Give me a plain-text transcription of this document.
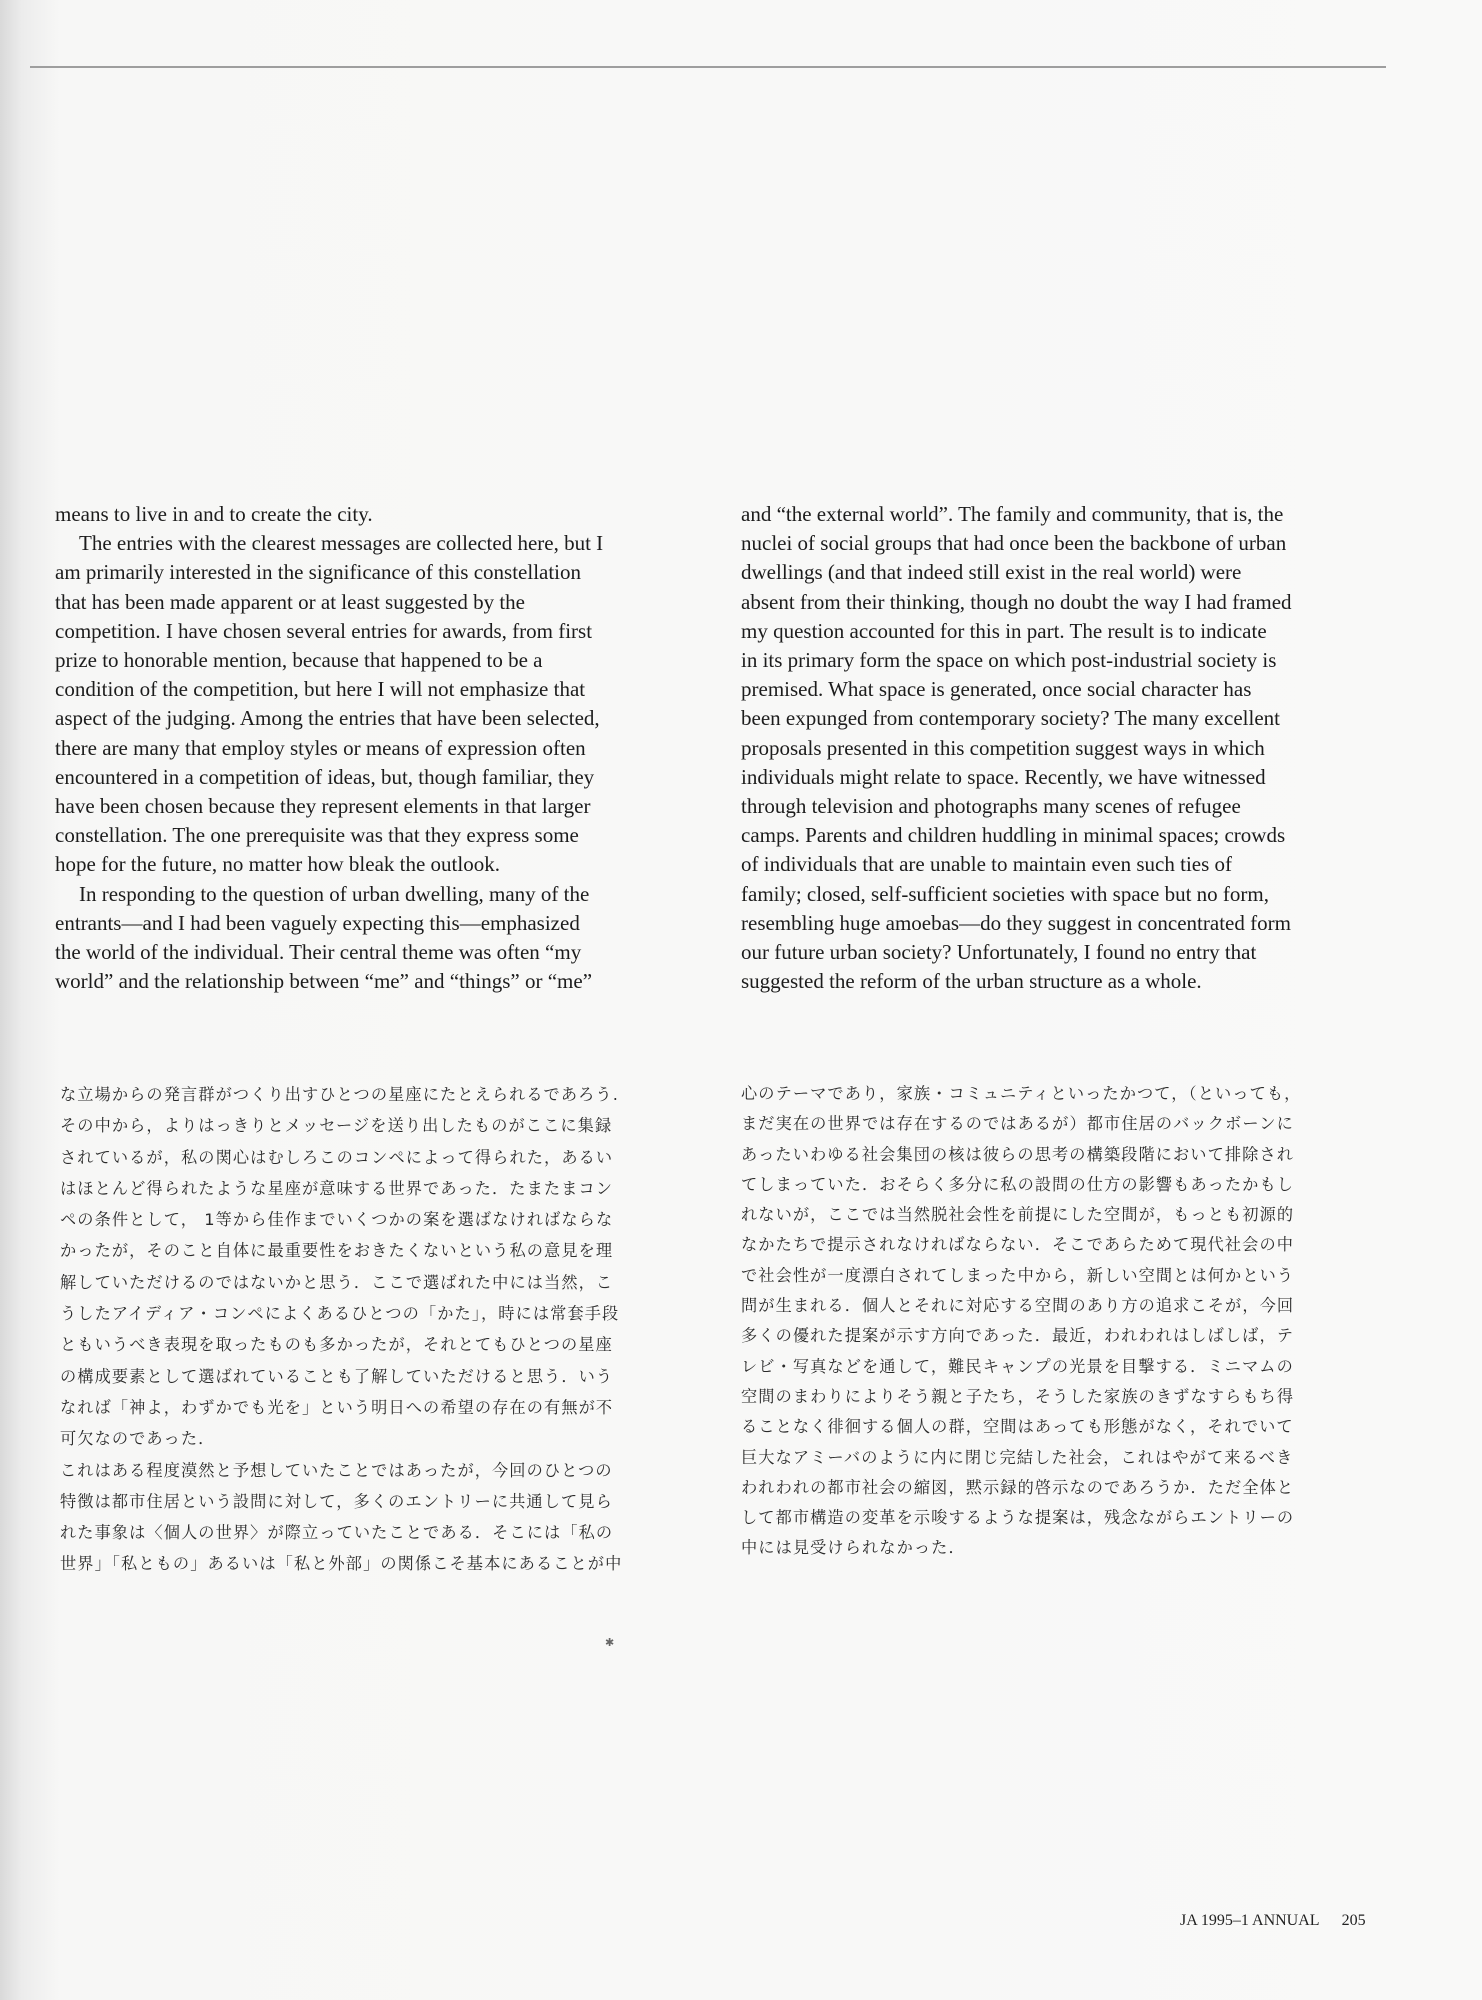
means to live in and to create the city.

The entries with the clearest messages are collected here, but I
am primarily interested in the significance of this constellation
that has been made apparent or at least suggested by the
competition. I have chosen several entries for awards, from first
prize to honorable mention, because that happened to be a
condition of the competition, but here I will not emphasize that
aspect of the judging. Among the entries that have been selected,
there are many that employ styles or means of expression often
encountered in a competition of ideas, but, though familiar, they
have been chosen because they represent elements in that larger
constellation. The one prerequisite was that they express some
hope for the future, no matter how bleak the outlook.

In responding to the question of urban dwelling, many of the
entrants—and I had been vaguely expecting this—emphasized
the world of the individual. Their central theme was often “my
world” and the relationship between “me” and “things” or “me”

and “the external world”. The family and community, that is, the
nuclei of social groups that had once been the backbone of urban
dwellings (and that indeed still exist in the real world) were
absent from their thinking, though no doubt the way I had framed
my question accounted for this in part. The result is to indicate
in its primary form the space on which post-industrial society is
premised. What space is generated, once social character has
been expunged from contemporary society? The many excellent
proposals presented in this competition suggest ways in which
individuals might relate to space. Recently, we have witnessed
through television and photographs many scenes of refugee
camps. Parents and children huddling in minimal spaces; crowds
of individuals that are unable to maintain even such ties of
family; closed, self-sufficient societies with space but no form,
resembling huge amoebas—do they suggest in concentrated form
our future urban society? Unfortunately, I found no entry that
suggested the reform of the urban structure as a whole.

な立場からの発言群がつくり出すひとつの星座にたとえられるであろう.
その中から，よりはっきりとメッセージを送り出したものがここに集録
されているが，私の関心はむしろこのコンペによって得られた，あるい
はほとんど得られたような星座が意味する世界であった．たまたまコン
ペの条件として， 1等から佳作までいくつかの案を選ばなければならな
かったが，そのこと自体に最重要性をおきたくないという私の意見を理
解していただけるのではないかと思う．ここで選ばれた中には当然，こ
うしたアイディア・コンペによくあるひとつの「かた」，時には常套手段
ともいうべき表現を取ったものも多かったが，それとてもひとつの星座
の構成要素として選ばれていることも了解していただけると思う．いう
なれば「神よ，わずかでも光を」という明日への希望の存在の有無が不
可欠なのであった．
これはある程度漠然と予想していたことではあったが，今回のひとつの
特徴は都市住居という設問に対して，多くのエントリーに共通して見ら
れた事象は〈個人の世界〉が際立っていたことである．そこには「私の
世界」「私ともの」あるいは「私と外部」の関係こそ基本にあることが中
心のテーマであり，家族・コミュニティといったかつて，（といっても，
まだ実在の世界では存在するのではあるが）都市住居のバックボーンに
あったいわゆる社会集団の核は彼らの思考の構築段階において排除され
てしまっていた．おそらく多分に私の設問の仕方の影響もあったかもし
れないが，ここでは当然脱社会性を前提にした空間が，もっとも初源的
なかたちで提示されなければならない．そこであらためて現代社会の中
で社会性が一度漂白されてしまった中から，新しい空間とは何かという
問が生まれる．個人とそれに対応する空間のあり方の追求こそが，今回
多くの優れた提案が示す方向であった．最近，われわれはしばしば，テ
レビ・写真などを通して，難民キャンプの光景を目撃する．ミニマムの
空間のまわりによりそう親と子たち，そうした家族のきずなすらもち得
ることなく徘徊する個人の群，空間はあっても形態がなく，それでいて
巨大なアミーバのように内に閉じ完結した社会，これはやがて来るべき
われわれの都市社会の縮図，黙示録的啓示なのであろうか．ただ全体と
して都市構造の変革を示唆するような提案は，残念ながらエントリーの
中には見受けられなかった．
✱
JA 1995–1 ANNUAL 205
